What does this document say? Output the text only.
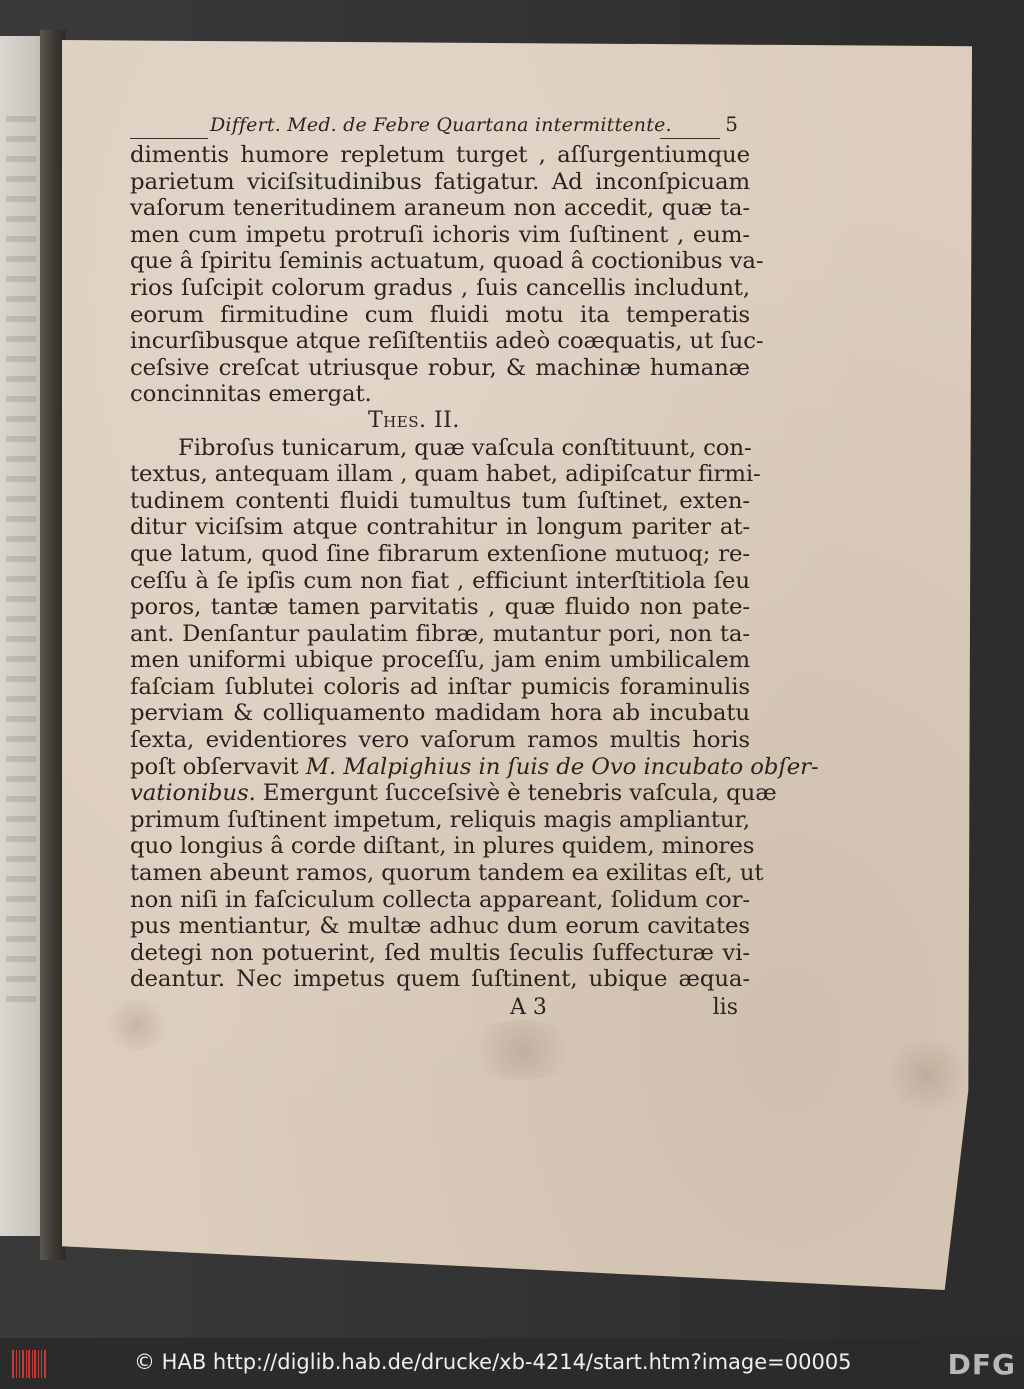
Differt. Med. de Febre Quartana intermittente.	5
dimentis humore repletum turget , aſſurgentiumque
parietum viciſsitudinibus fatigatur. Ad inconſpicuam
vaſorum teneritudinem araneum non accedit, quæ ta-
men cum impetu protruſi ichoris vim ſuſtinent , eum-
que â ſpiritu ſeminis actuatum, quoad â coctionibus va-
rios ſuſcipit colorum gradus , ſuis cancellis includunt,
eorum firmitudine cum fluidi motu ita temperatis
incurſibusque atque reſiſtentiis adeò coæquatis, ut ſuc-
ceſsive creſcat utriusque robur, & machinæ humanæ
concinnitas emergat.
Thes. II.
Fibroſus tunicarum, quæ vaſcula conſtituunt, con-
textus, antequam illam , quam habet, adipiſcatur firmi-
tudinem contenti fluidi tumultus tum ſuſtinet, exten-
ditur viciſsim atque contrahitur in longum pariter at-
que latum, quod ſine fibrarum extenſione mutuoq; re-
ceſſu à ſe ipſis cum non fiat , efficiunt interſtitiola ſeu
poros, tantæ tamen parvitatis , quæ fluido non pate-
ant. Denſantur paulatim fibræ, mutantur pori, non ta-
men uniformi ubique proceſſu, jam enim umbilicalem
faſciam ſublutei coloris ad inſtar pumicis foraminulis
perviam & colliquamento madidam hora ab incubatu
ſexta, evidentiores vero vaſorum ramos multis horis
poſt obſervavit M. Malpighius in ſuis de Ovo incubato obſer-
vationibus. Emergunt ſucceſsivè è tenebris vaſcula, quæ
primum ſuſtinent impetum, reliquis magis ampliantur,
quo longius â corde diſtant, in plures quidem, minores
tamen abeunt ramos, quorum tandem ea exilitas eſt, ut
non niſi in faſciculum collecta appareant, ſolidum cor-
pus mentiantur, & multæ adhuc dum eorum cavitates
detegi non potuerint, ſed multis ſeculis ſuffecturæ vi-
deantur. Nec impetus quem ſuſtinent, ubique æqua-
A 3	lis
© HAB http://diglib.hab.de/drucke/xb-4214/start.htm?image=00005	DFG
